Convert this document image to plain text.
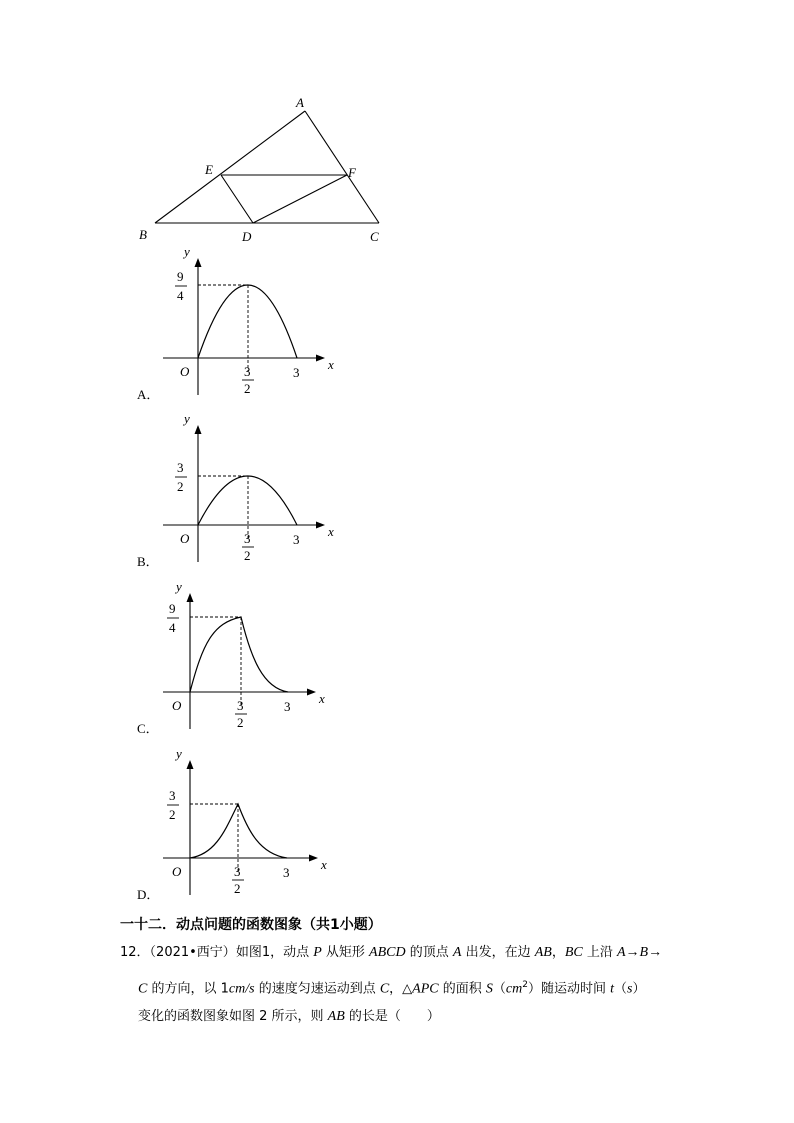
A
B	C
D
E	F
y
x
O	3
9
4
3
2
A．
y
x
O	3
3
2
3
2
B．
y
x
O	3
9
4
3
2
C．
y
x
O	3
3
2
3
2
D．
一十二．动点问题的函数图象（共1小题）
12．（2021•西宁）如图1，动点 P 从矩形 ABCD 的顶点 A 出发，在边 AB，BC 上沿 A→B→
C 的方向，以 1cm/s 的速度匀速运动到点 C，△APC 的面积 $S(cm^2)$随运动时间 t（s）
变化的函数图象如图 2 所示，则 AB 的长是（　　）
